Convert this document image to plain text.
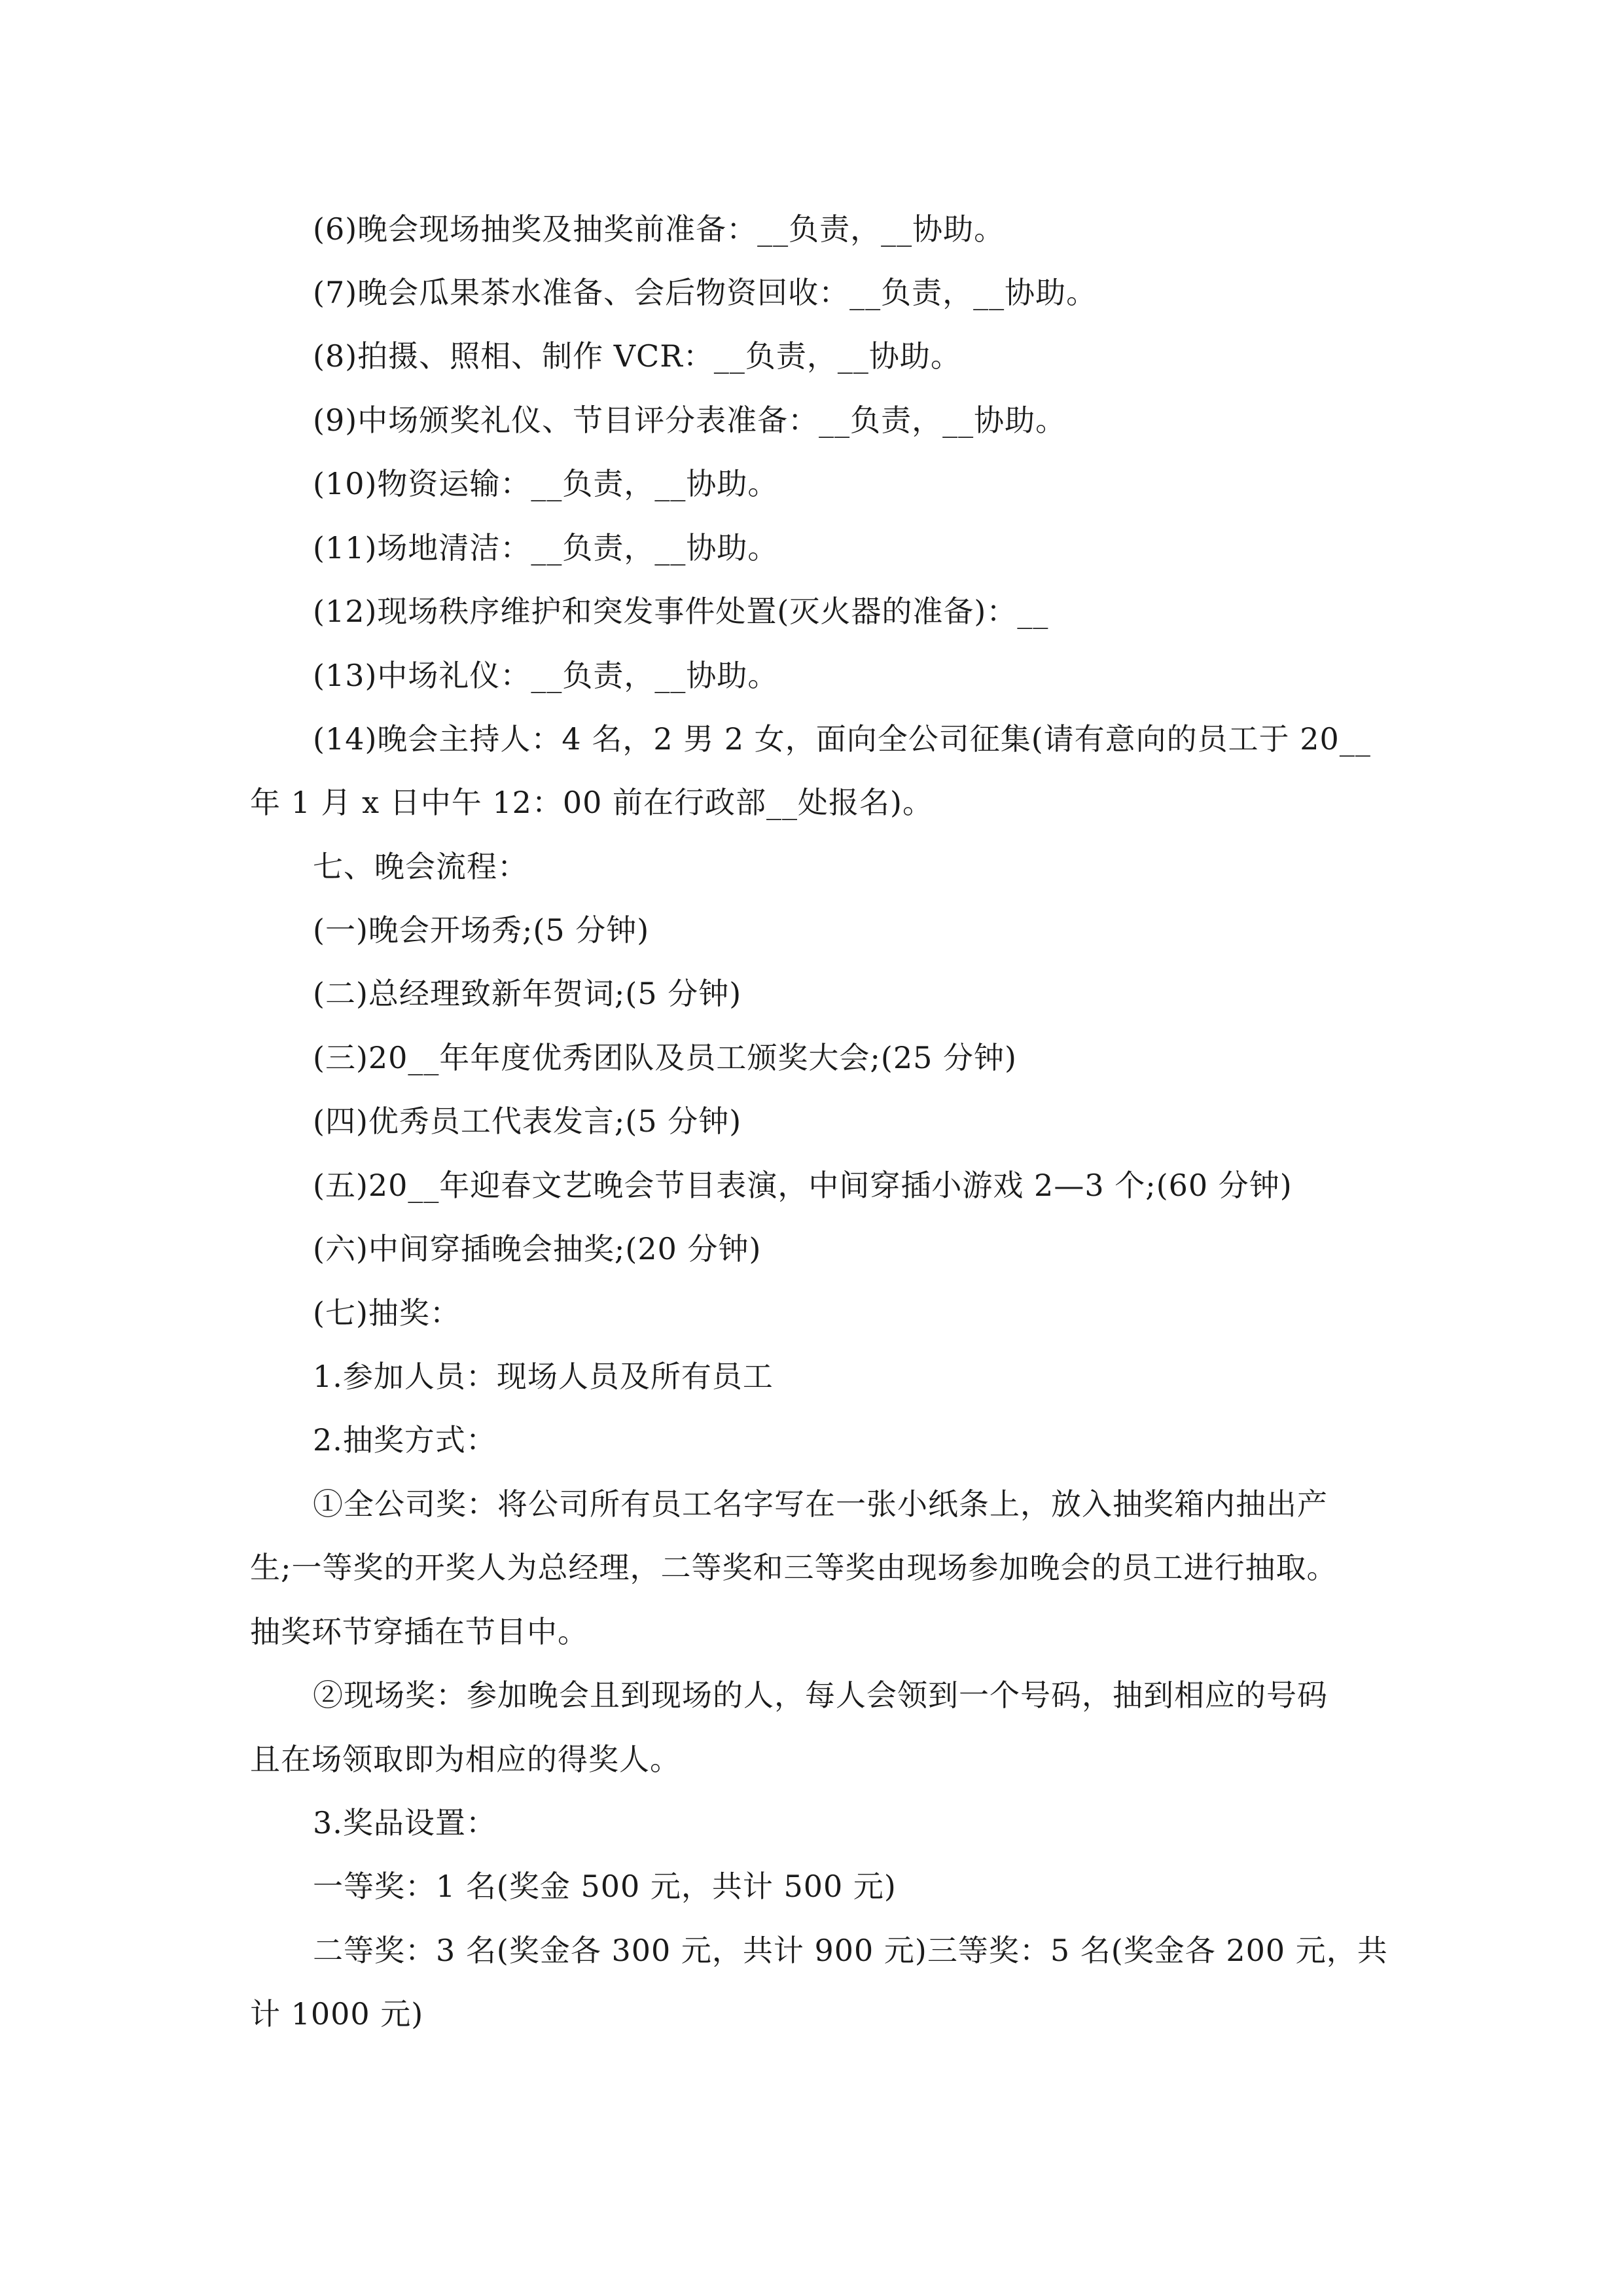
(6)晚会现场抽奖及抽奖前准备：__负责，__协助。
(7)晚会瓜果茶水准备、会后物资回收：__负责，__协助。
(8)拍摄、照相、制作 VCR：__负责，__协助。
(9)中场颁奖礼仪、节目评分表准备：__负责，__协助。
(10)物资运输：__负责，__协助。
(11)场地清洁：__负责，__协助。
(12)现场秩序维护和突发事件处置(灭火器的准备)：__
(13)中场礼仪：__负责，__协助。
(14)晚会主持人：4 名，2 男 2 女，面向全公司征集(请有意向的员工于 20__
年 1 月 x 日中午 12：00 前在行政部__处报名)。
七、晚会流程：
(一)晚会开场秀;(5 分钟)
(二)总经理致新年贺词;(5 分钟)
(三)20__年年度优秀团队及员工颁奖大会;(25 分钟)
(四)优秀员工代表发言;(5 分钟)
(五)20__年迎春文艺晚会节目表演，中间穿插小游戏 2—3 个;(60 分钟)
(六)中间穿插晚会抽奖;(20 分钟)
(七)抽奖：
1.参加人员：现场人员及所有员工
2.抽奖方式：
①全公司奖：将公司所有员工名字写在一张小纸条上，放入抽奖箱内抽出产
生;一等奖的开奖人为总经理，二等奖和三等奖由现场参加晚会的员工进行抽取。
抽奖环节穿插在节目中。
②现场奖：参加晚会且到现场的人，每人会领到一个号码，抽到相应的号码
且在场领取即为相应的得奖人。
3.奖品设置：
一等奖：1 名(奖金 500 元，共计 500 元)
二等奖：3 名(奖金各 300 元，共计 900 元)三等奖：5 名(奖金各 200 元，共
计 1000 元)
